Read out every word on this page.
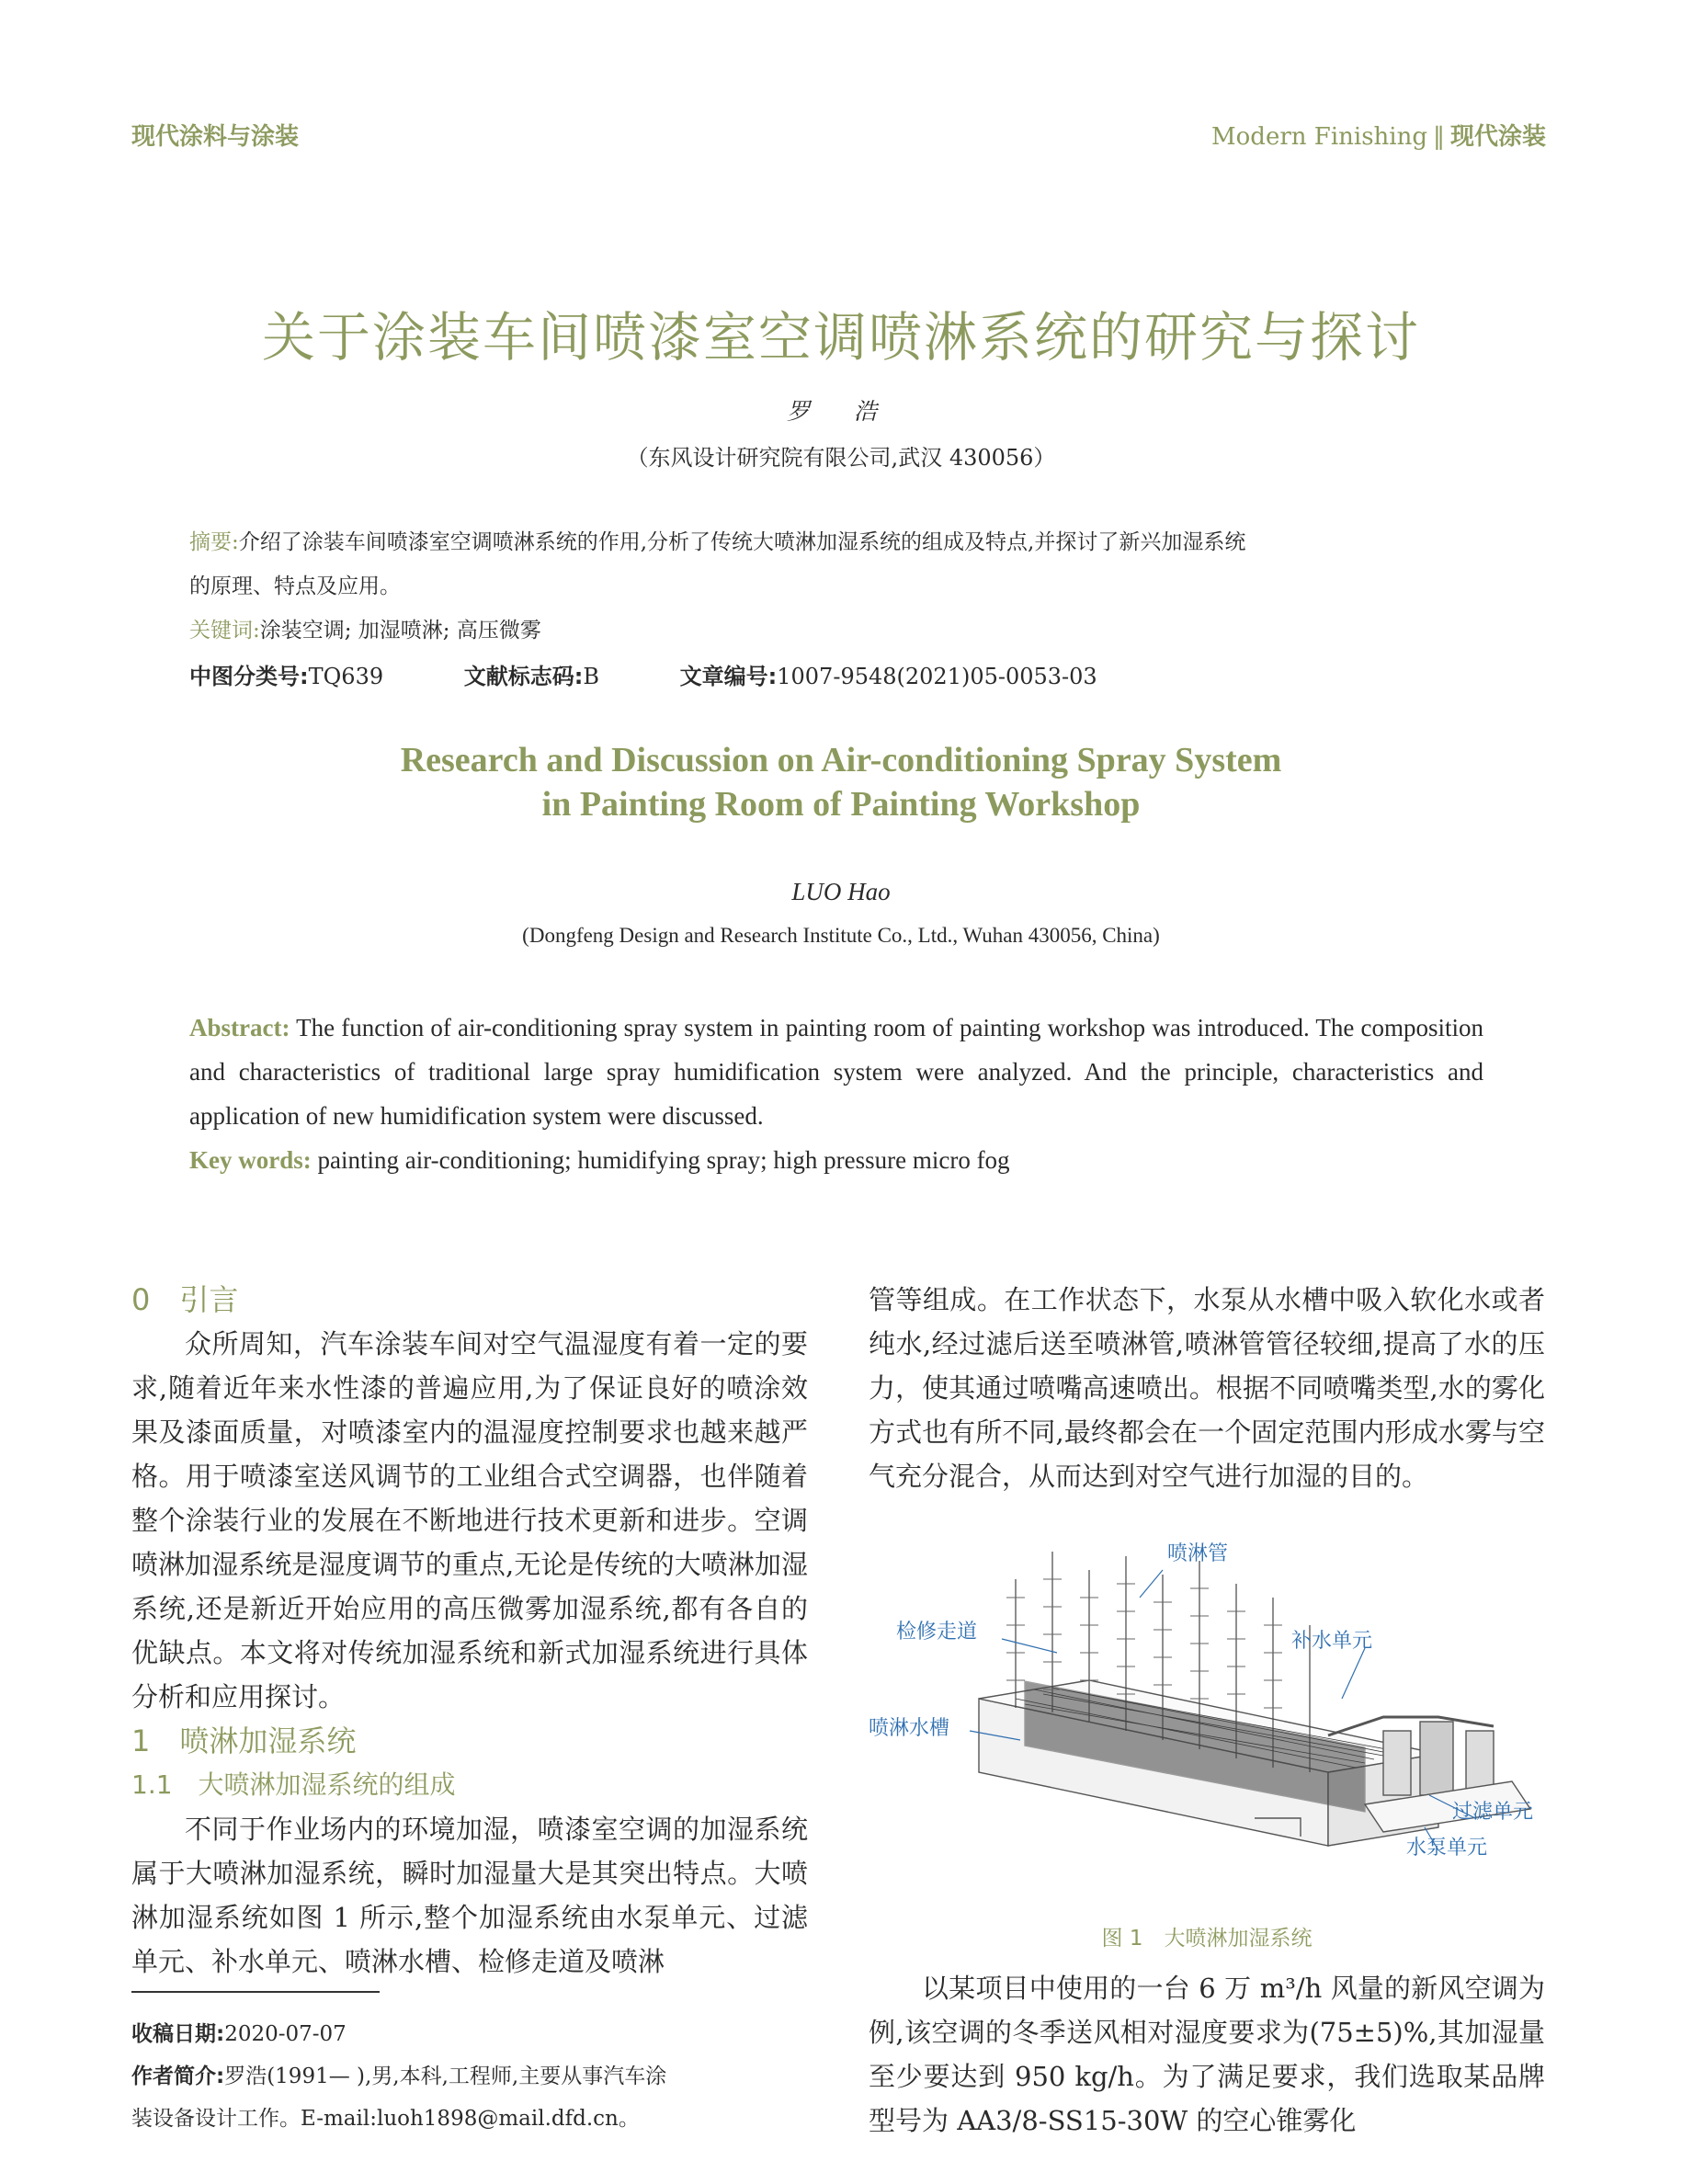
现代涂料与涂装	Modern Finishing ‖ 现代涂装
关于涂装车间喷漆室空调喷淋系统的研究与探讨
罗 浩
（东风设计研究院有限公司,武汉 430056）
摘要:介绍了涂装车间喷漆室空调喷淋系统的作用,分析了传统大喷淋加湿系统的组成及特点,并探讨了新兴加湿系统
的原理、特点及应用。
关键词:涂装空调; 加湿喷淋; 高压微雾
中图分类号:TQ639	文献标志码:B	文章编号:1007-9548(2021)05-0053-03
Research and Discussion on Air-conditioning Spray System
in Painting Room of Painting Workshop
LUO Hao
(Dongfeng Design and Research Institute Co., Ltd., Wuhan 430056, China)
Abstract: The function of air-conditioning spray system in painting room of painting workshop was introduced. The composition and characteristics of traditional large spray humidification system were analyzed. And the principle, characteristics and application of new humidification system were discussed.
Key words: painting air-conditioning; humidifying spray; high pressure micro fog
0　引言

众所周知，汽车涂装车间对空气温湿度有着一定的要求,随着近年来水性漆的普遍应用,为了保证良好的喷涂效果及漆面质量，对喷漆室内的温湿度控制要求也越来越严格。用于喷漆室送风调节的工业组合式空调器，也伴随着整个涂装行业的发展在不断地进行技术更新和进步。空调喷淋加湿系统是湿度调节的重点,无论是传统的大喷淋加湿系统,还是新近开始应用的高压微雾加湿系统,都有各自的优缺点。本文将对传统加湿系统和新式加湿系统进行具体分析和应用探讨。

1　喷淋加湿系统
1.1　大喷淋加湿系统的组成

不同于作业场内的环境加湿，喷漆室空调的加湿系统属于大喷淋加湿系统，瞬时加湿量大是其突出特点。大喷淋加湿系统如图 1 所示,整个加湿系统由水泵单元、过滤单元、补水单元、喷淋水槽、检修走道及喷淋

收稿日期:2020-07-07
作者简介:罗浩(1991— ),男,本科,工程师,主要从事汽车涂
装设备设计工作。E-mail:luoh1898@mail.dfd.cn。

管等组成。在工作状态下，水泵从水槽中吸入软化水或者纯水,经过滤后送至喷淋管,喷淋管管径较细,提高了水的压力，使其通过喷嘴高速喷出。根据不同喷嘴类型,水的雾化方式也有所不同,最终都会在一个固定范围内形成水雾与空气充分混合，从而达到对空气进行加湿的目的。

喷淋管
检修走道	补水单元
喷淋水槽
过滤单元
水泵单元
图 1　大喷淋加湿系统

以某项目中使用的一台 6 万 m³/h 风量的新风空调为例,该空调的冬季送风相对湿度要求为(75±5)%,其加湿量至少要达到 950 kg/h。为了满足要求，我们选取某品牌型号为 AA3/8-SS15-30W 的空心锥雾化
